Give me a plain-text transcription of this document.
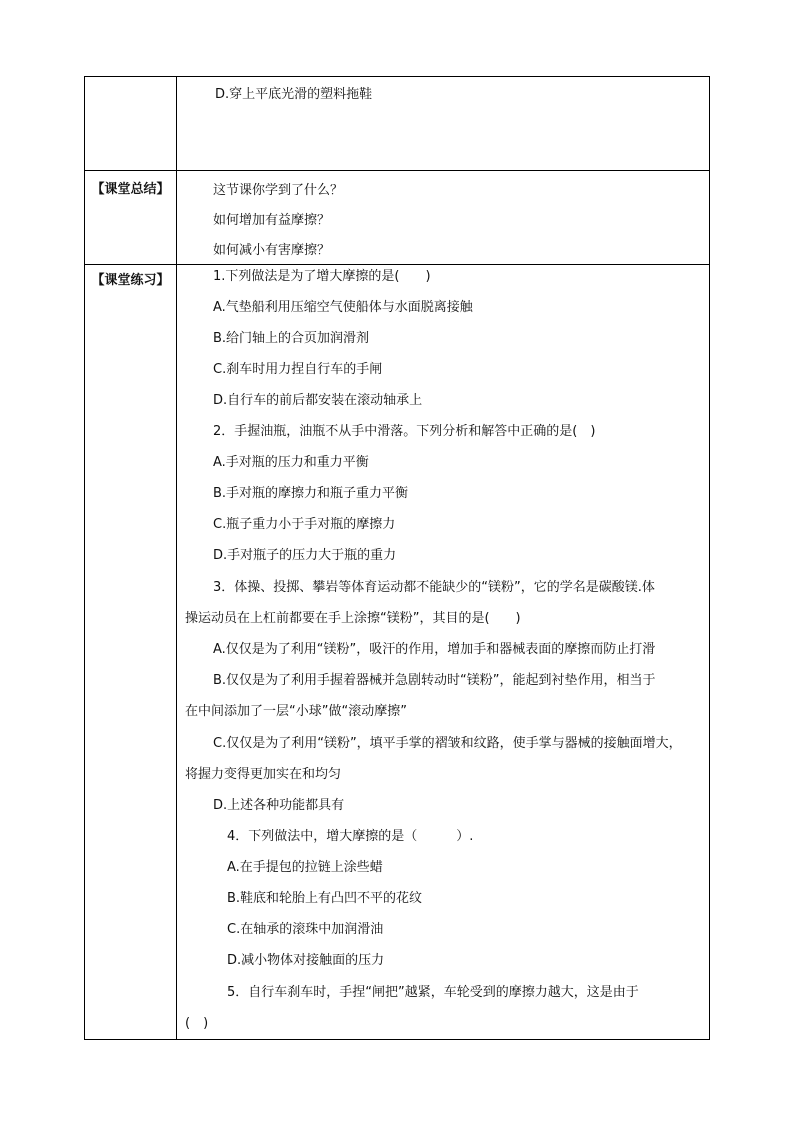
D.穿上平底光滑的塑料拖鞋
【课堂总结】	这节课你学到了什么？
如何增加有益摩擦？
如何减小有害摩擦？
【课堂练习】	1.下列做法是为了增大摩擦的是(　　)
A.气垫船利用压缩空气使船体与水面脱离接触
B.给门轴上的合页加润滑剂
C.刹车时用力捏自行车的手闸
D.自行车的前后都安装在滚动轴承上
2．手握油瓶，油瓶不从手中滑落。下列分析和解答中正确的是(　)
A.手对瓶的压力和重力平衡
B.手对瓶的摩擦力和瓶子重力平衡
C.瓶子重力小于手对瓶的摩擦力
D.手对瓶子的压力大于瓶的重力
3．体操、投掷、攀岩等体育运动都不能缺少的“镁粉”，它的学名是碳酸镁.体
操运动员在上杠前都要在手上涂擦“镁粉”，其目的是(　　)
A.仅仅是为了利用“镁粉”，吸汗的作用，增加手和器械表面的摩擦而防止打滑
B.仅仅是为了利用手握着器械并急剧转动时“镁粉”，能起到衬垫作用，相当于
在中间添加了一层“小球”做“滚动摩擦”
C.仅仅是为了利用“镁粉”，填平手掌的褶皱和纹路，使手掌与器械的接触面增大，
将握力变得更加实在和均匀
D.上述各种功能都具有
4．下列做法中，增大摩擦的是（　　　）.
A.在手提包的拉链上涂些蜡
B.鞋底和轮胎上有凸凹不平的花纹
C.在轴承的滚珠中加润滑油
D.减小物体对接触面的压力
5．自行车刹车时，手捏“闸把”越紧，车轮受到的摩擦力越大，这是由于
(　)
